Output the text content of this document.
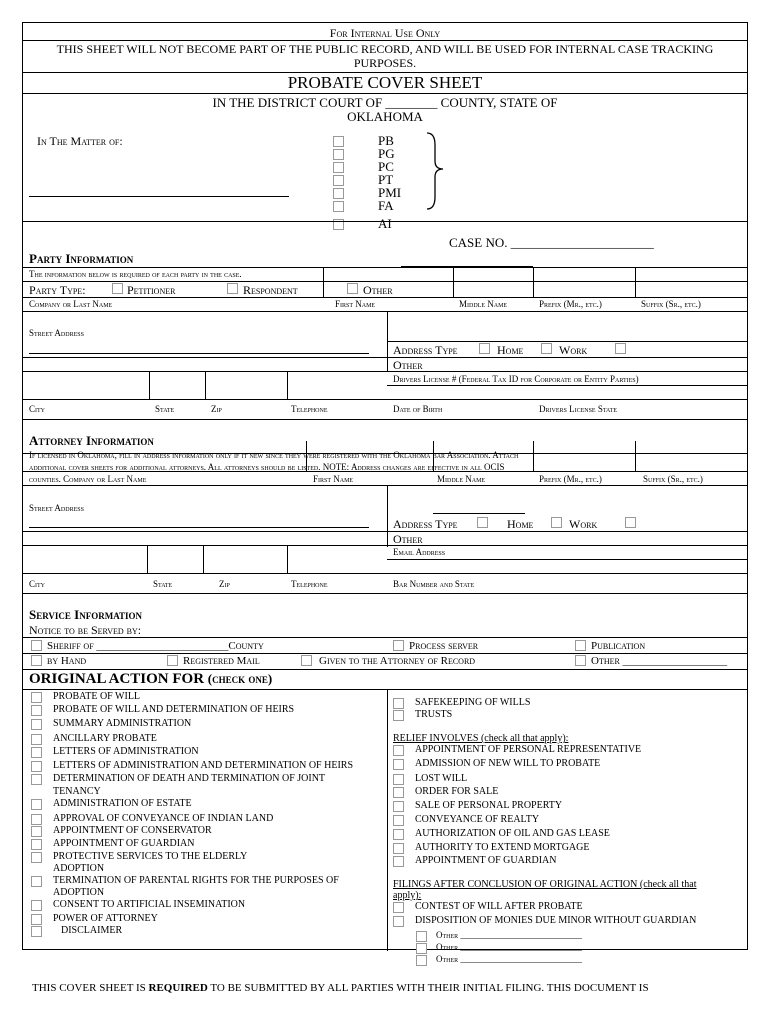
For Internal Use Only
THIS SHEET WILL NOT BECOME PART OF THE PUBLIC RECORD, AND WILL BE USED FOR INTERNAL CASE TRACKING
PURPOSES.
PROBATE COVER SHEET
IN THE DISTRICT COURT OF ________ COUNTY, STATE OF
OKLAHOMA
In The Matter of:	PB
PG
PC
PT
PMI
FA
AI
CASE NO. ______________________
Party Information
The information below is required of each party in the case.
Party Type:	Petitioner	Respondent	Other
Company or Last Name	First Name	Middle Name	Prefix (Mr., etc.)	Suffix (Sr., etc.)
Street Address
Address Type	Home	Work
Other
Drivers License # (Federal Tax ID for Corporate or Entity Parties)
City	State	Zip	Telephone	Date of Birth	Drivers License State
Attorney Information
If licensed in Oklahoma, fill in address information only if it new since they were registered with the Oklahoma bar Association. Attach
additional cover sheets for additional attorneys. All attorneys should be listed. NOTE: Address changes are effective in all OCIS
counties. Company or Last Name	First Name	Middle Name	Prefix (Mr., etc.)	Suffix (Sr., etc.)
Street Address
Address Type	Home	Work
Other
Email Address
City	State	Zip	Telephone	Bar Number and State
Service Information
Notice to be Served by:
Sheriff of ________________________County	Process server	Publication
by Hand	Registered Mail	Given to the Attorney of Record	Other ___________________
ORIGINAL ACTION FOR (check one)
PROBATE OF WILL
PROBATE OF WILL AND DETERMINATION OF HEIRS
SUMMARY ADMINISTRATION
ANCILLARY PROBATE
LETTERS OF ADMINISTRATION
LETTERS OF ADMINISTRATION AND DETERMINATION OF HEIRS
DETERMINATION OF DEATH AND TERMINATION OF JOINT
TENANCY
ADMINISTRATION OF ESTATE
APPROVAL OF CONVEYANCE OF INDIAN LAND
APPOINTMENT OF CONSERVATOR
APPOINTMENT OF GUARDIAN
PROTECTIVE SERVICES TO THE ELDERLY
ADOPTION
TERMINATION OF PARENTAL RIGHTS FOR THE PURPOSES OF
ADOPTION
CONSENT TO ARTIFICIAL INSEMINATION
POWER OF ATTORNEY
DISCLAIMER
SAFEKEEPING OF WILLS
TRUSTS
RELIEF INVOLVES (check all that apply):
APPOINTMENT OF PERSONAL REPRESENTATIVE
ADMISSION OF NEW WILL TO PROBATE
LOST WILL
ORDER FOR SALE
SALE OF PERSONAL PROPERTY
CONVEYANCE OF REALTY
AUTHORIZATION OF OIL AND GAS LEASE
AUTHORITY TO EXTEND MORTGAGE
APPOINTMENT OF GUARDIAN
FILINGS AFTER CONCLUSION OF ORIGINAL ACTION (check all that
apply):
CONTEST OF WILL AFTER PROBATE
DISPOSITION OF MONIES DUE MINOR WITHOUT GUARDIAN
THIS COVER SHEET IS REQUIRED TO BE SUBMITTED BY ALL PARTIES WITH THEIR INITIAL FILING. THIS DOCUMENT IS
Other ___________________________
Other ___________________________
Other ___________________________
